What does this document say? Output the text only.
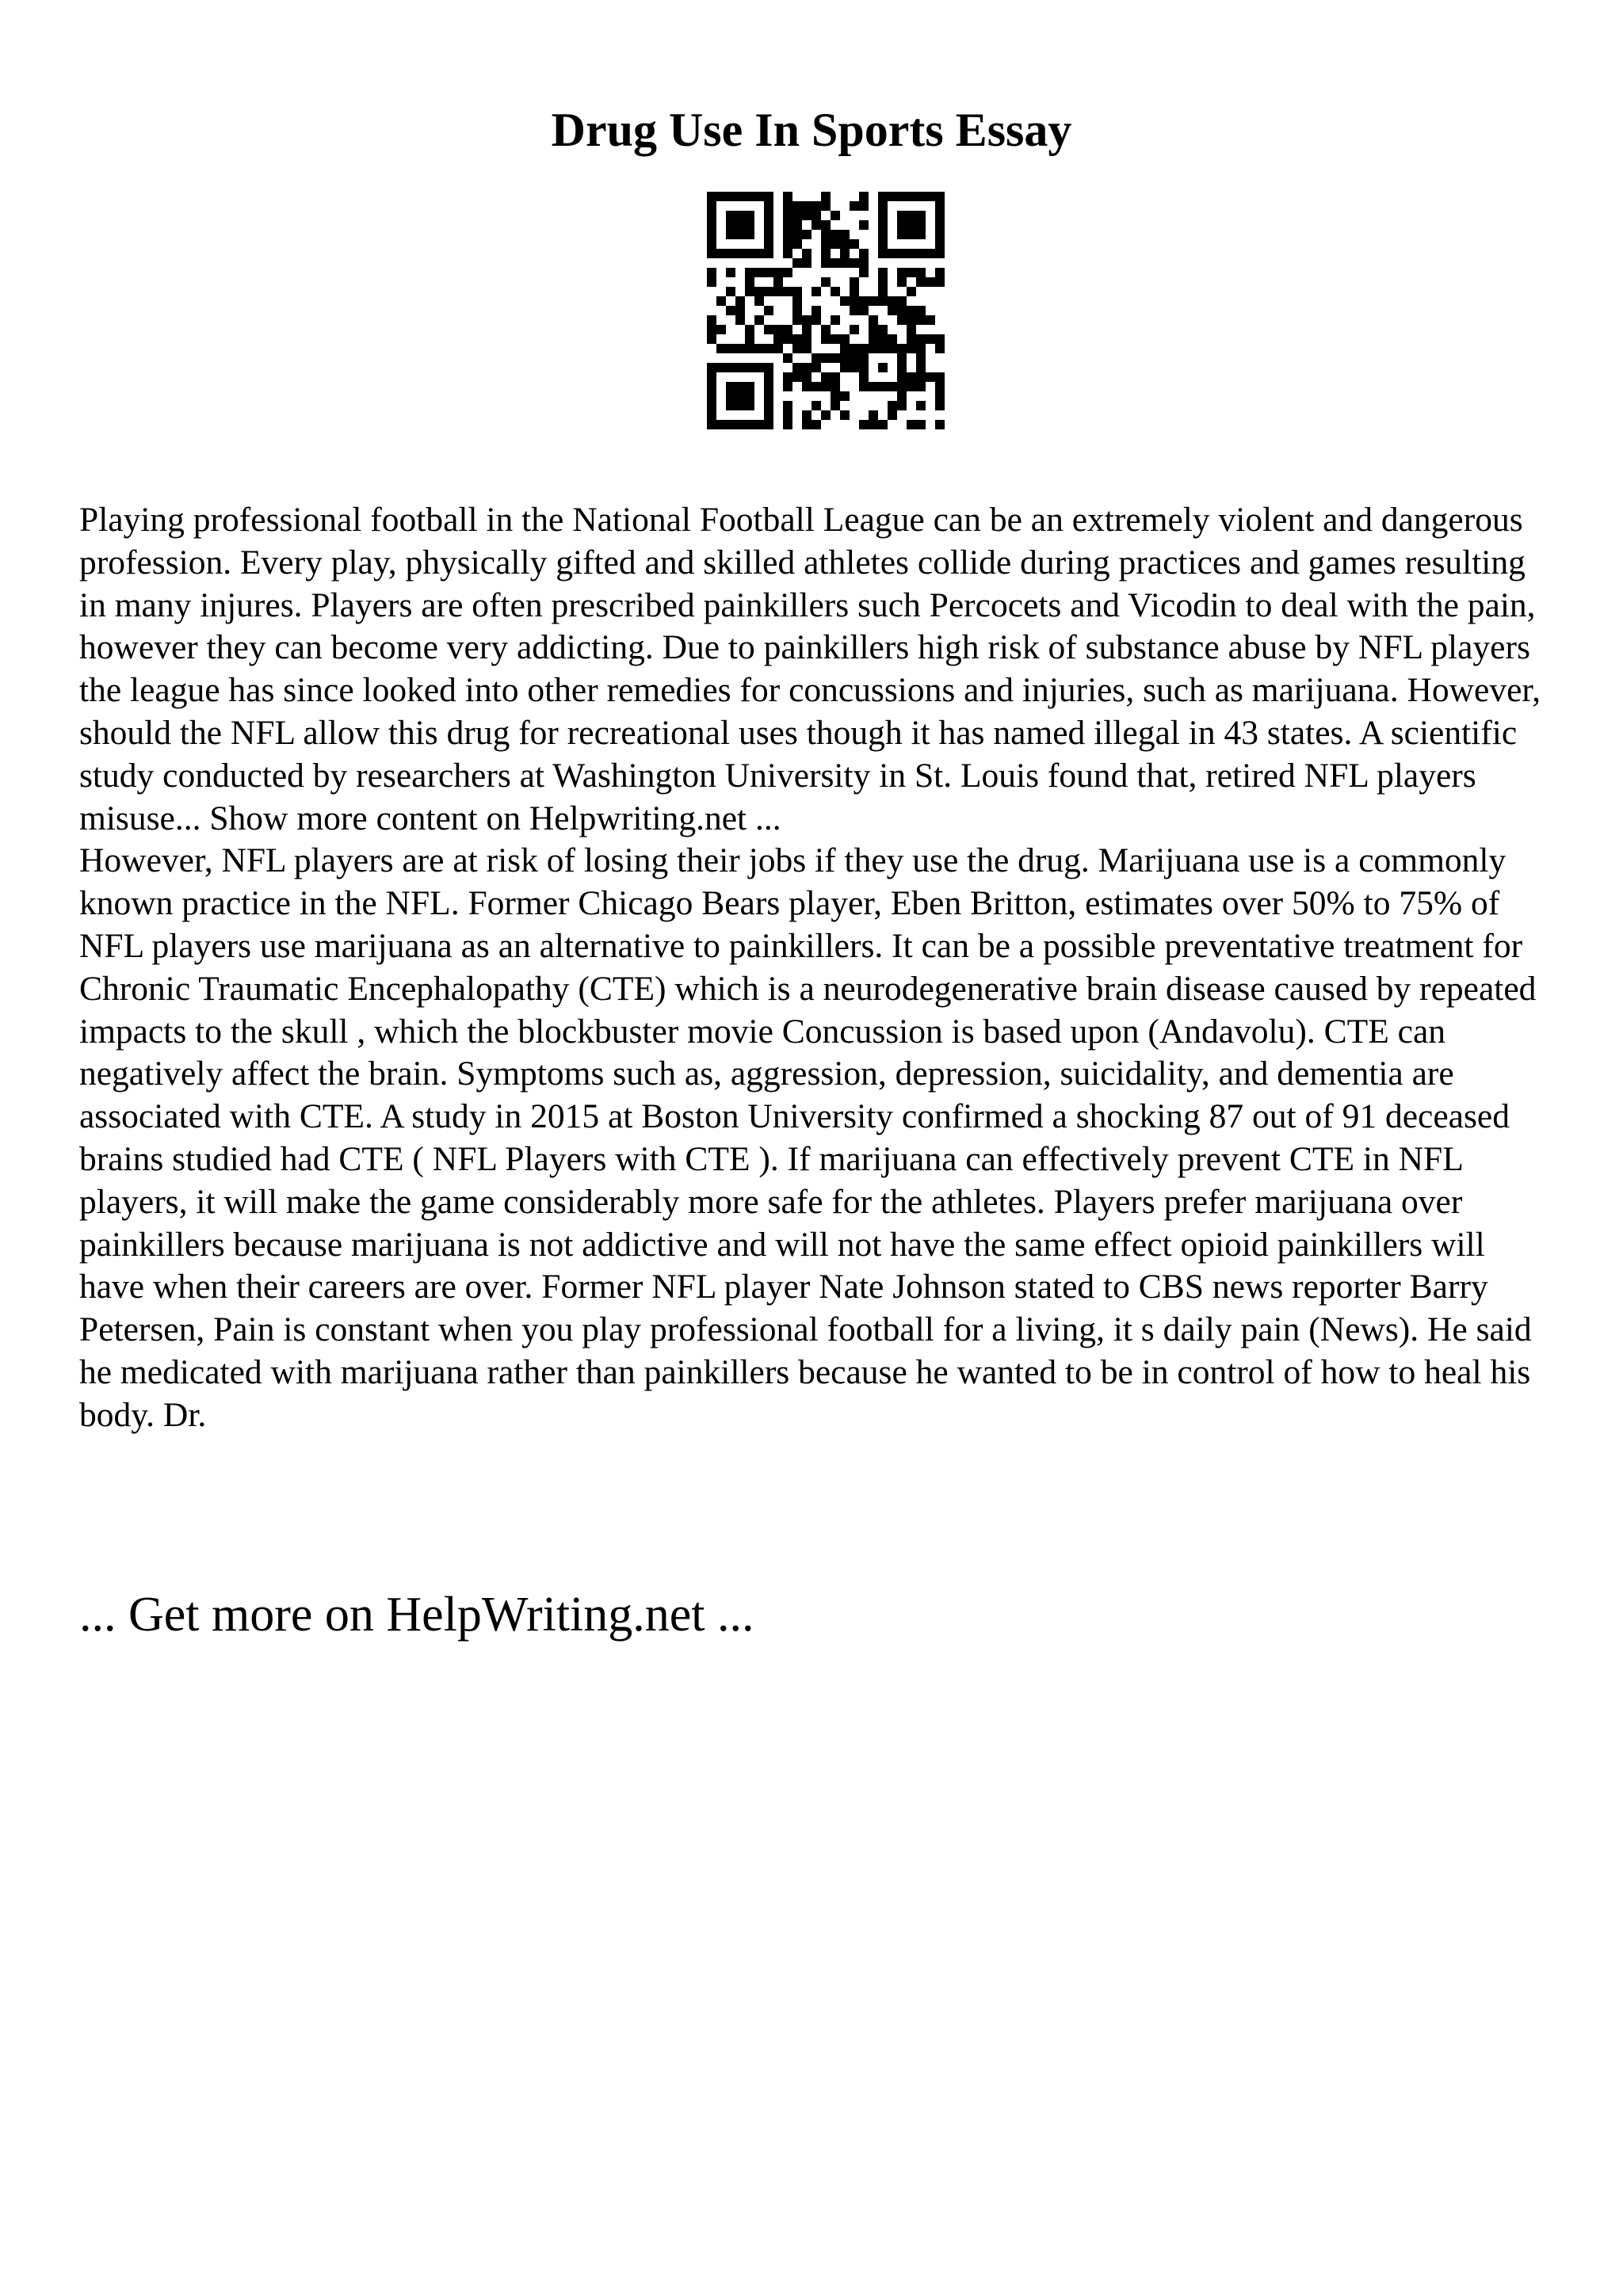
Drug Use In Sports Essay

Playing professional football in the National Football League can be an extremely violent and dangerous profession. Every play, physically gifted and skilled athletes collide during practices and games resulting in many injures. Players are often prescribed painkillers such Percocets and Vicodin to deal with the pain, however they can become very addicting. Due to painkillers high risk of substance abuse by NFL players the league has since looked into other remedies for concussions and injuries, such as marijuana. However, should the NFL allow this drug for recreational uses though it has named illegal in 43 states. A scientific study conducted by researchers at Washington University in St. Louis found that, retired NFL players misuse... Show more content on Helpwriting.net ...

However, NFL players are at risk of losing their jobs if they use the drug. Marijuana use is a commonly known practice in the NFL. Former Chicago Bears player, Eben Britton, estimates over 50% to 75% of NFL players use marijuana as an alternative to painkillers. It can be a possible preventative treatment for Chronic Traumatic Encephalopathy (CTE) which is a neurodegenerative brain disease caused by repeated impacts to the skull , which the blockbuster movie Concussion is based upon (Andavolu). CTE can negatively affect the brain. Symptoms such as, aggression, depression, suicidality, and dementia are associated with CTE. A study in 2015 at Boston University confirmed a shocking 87 out of 91 deceased brains studied had CTE ( NFL Players with CTE ). If marijuana can effectively prevent CTE in NFL players, it will make the game considerably more safe for the athletes. Players prefer marijuana over painkillers because marijuana is not addictive and will not have the same effect opioid painkillers will have when their careers are over. Former NFL player Nate Johnson stated to CBS news reporter Barry Petersen, Pain is constant when you play professional football for a living, it s daily pain (News). He said he medicated with marijuana rather than painkillers because he wanted to be in control of how to heal his body. Dr.

... Get more on HelpWriting.net ...
